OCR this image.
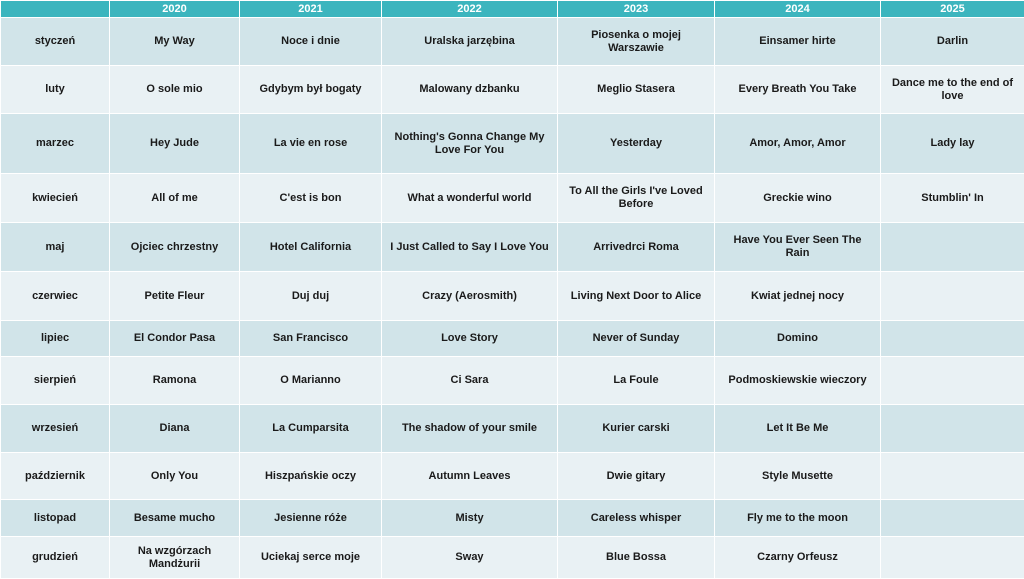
	2020	2021	2022	2023	2024	2025
styczeń	My Way	Noce i dnie	Uralska jarzębina	Piosenka o mojej Warszawie	Einsamer hirte	Darlin
luty	O sole mio	Gdybym był bogaty	Malowany dzbanku	Meglio Stasera	Every Breath You Take	Dance me to the end of love
marzec	Hey Jude	La vie en rose	Nothing's Gonna Change My Love For You	Yesterday	Amor, Amor, Amor	Lady lay
kwiecień	All of me	C'est is bon	What a wonderful world	To All the Girls I've Loved Before	Greckie wino	Stumblin' In
maj	Ojciec chrzestny	Hotel California	I Just Called to Say I Love You	Arrivedrci Roma	Have You Ever Seen The Rain	
czerwiec	Petite Fleur	Duj duj	Crazy (Aerosmith)	Living Next Door to Alice	Kwiat jednej nocy	
lipiec	El Condor Pasa	San Francisco	Love Story	Never of Sunday	Domino	
sierpień	Ramona	O Marianno	Ci Sara	La Foule	Podmoskiewskie wieczory	
wrzesień	Diana	La Cumparsita	The shadow of your smile	Kurier carski	Let It Be Me	
październik	Only You	Hiszpańskie oczy	Autumn Leaves	Dwie gitary	Style Musette	
listopad	Besame mucho	Jesienne róże	Misty	Careless whisper	Fly me to the moon	
grudzień	Na wzgórzach Mandżurii	Uciekaj serce moje	Sway	Blue Bossa	Czarny Orfeusz	
